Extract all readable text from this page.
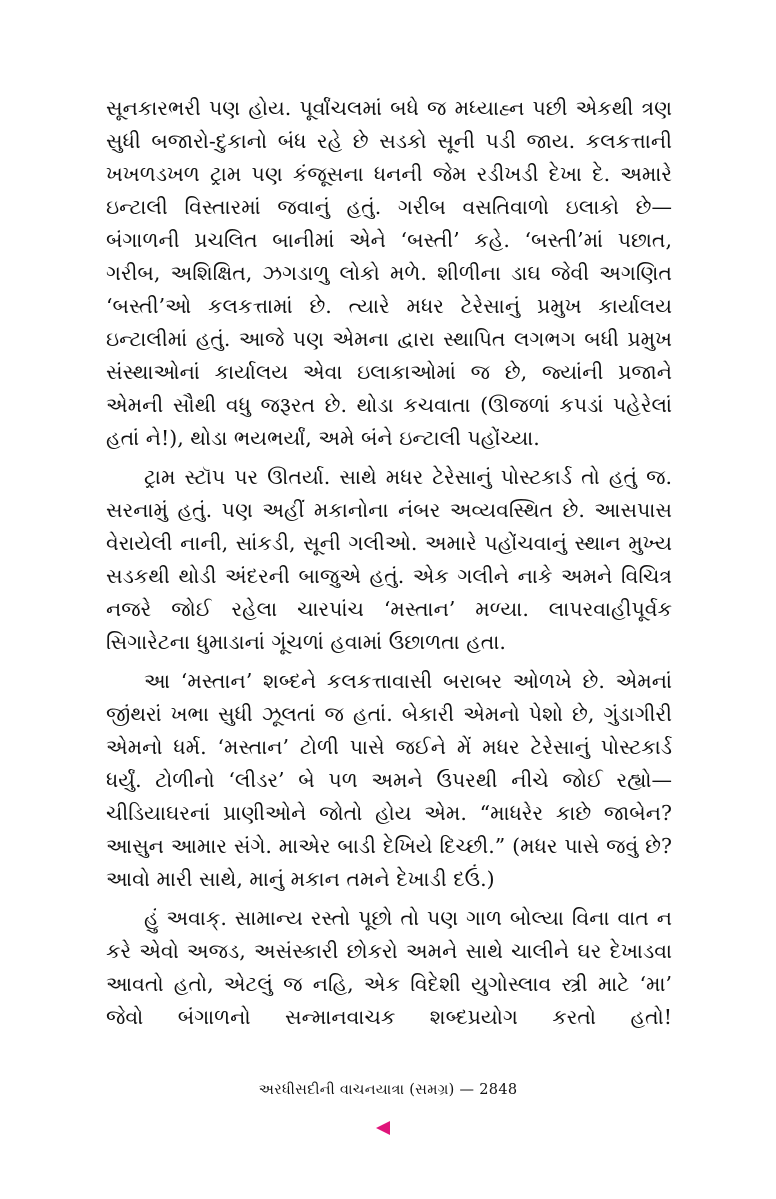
સૂનકારભરી પણ હોય. પૂર્વાંચલમાં બધે જ મધ્યાહ્ન પછી એકથી ત્રણ સુધી બજારો-દુકાનો બંધ રહે છે સડકો સૂની પડી જાય. કલકત્તાની ખખળડખળ ટ્રામ પણ કંજૂસના ધનની જેમ રડીખડી દેખા દે. અમારે ઇન્ટાલી વિસ્તારમાં જવાનું હતું. ગરીબ વસતિવાળો ઇલાકો છે—બંગાળની પ્રચલિત બાનીમાં એને ‘બસ્તી’ કહે. ‘બસ્તી’માં પછાત, ગરીબ, અશિક્ષિત, ઝગડાળુ લોકો મળે. શીળીના ડાઘ જેવી અગણિત ‘બસ્તી’ઓ કલકત્તામાં છે. ત્યારે મધર ટેરેસાનું પ્રમુખ કાર્યાલય ઇન્ટાલીમાં હતું. આજે પણ એમના દ્વારા સ્થાપિત લગભગ બધી પ્રમુખ સંસ્થાઓનાં કાર્યાલય એવા ઇલાકાઓમાં જ છે, જ્યાંની પ્રજાને એમની સૌથી વધુ જરૂરત છે. થોડા કચવાતા (ઊજળાં કપડાં પહેરેલાં હતાં ને!), થોડા ભયભર્યાં, અમે બંને ઇન્ટાલી પહોંચ્યા.

ટ્રામ સ્ટૉપ પર ઊતર્યા. સાથે મધર ટેરેસાનું પોસ્ટકાર્ડ તો હતું જ. સરનામું હતું. પણ અહીં મકાનોના નંબર અવ્યવસ્થિત છે. આસપાસ વેરાયેલી નાની, સાંકડી, સૂની ગલીઓ. અમારે પહોંચવાનું સ્થાન મુખ્ય સડકથી થોડી અંદરની બાજુએ હતું. એક ગલીને નાકે અમને વિચિત્ર નજરે જોઈ રહેલા ચારપાંચ ‘મસ્તાન’ મળ્યા. લાપરવાહીપૂર્વક સિગારેટના ધુમાડાનાં ગૂંચળાં હવામાં ઉછાળતા હતા.

આ ‘મસ્તાન’ શબ્દને કલકત્તાવાસી બરાબર ઓળખે છે. એમનાં જીંથરાં ખભા સુધી ઝૂલતાં જ હતાં. બેકારી એમનો પેશો છે, ગુંડાગીરી એમનો ધર્મ. ‘મસ્તાન’ ટોળી પાસે જઈને મેં મધર ટેરેસાનું પોસ્ટકાર્ડ ધર્યું. ટોળીનો ‘લીડર’ બે પળ અમને ઉપરથી નીચે જોઈ રહ્યો—ચીડિયાઘરનાં પ્રાણીઓને જોતો હોય એમ. “માધરેર કાછે જાબેન? આસુન આમાર સંગે. માએર બાડી દેખિયે દિચ્છી.” (મધર પાસે જવું છે? આવો મારી સાથે, માનું મકાન તમને દેખાડી દઉં.)

હું અવાક્. સામાન્ય રસ્તો પૂછો તો પણ ગાળ બોલ્યા વિના વાત ન કરે એવો અજડ, અસંસ્કારી છોકરો અમને સાથે ચાલીને ઘર દેખાડવા આવતો હતો, એટલું જ નહિ, એક વિદેશી યુગોસ્લાવ સ્ત્રી માટે ‘મા’ જેવો બંગાળનો સન્માનવાચક શબ્દપ્રયોગ કરતો હતો!

અરધીસદીની વાચનયાત્રા (સમગ્ર) — 2848
